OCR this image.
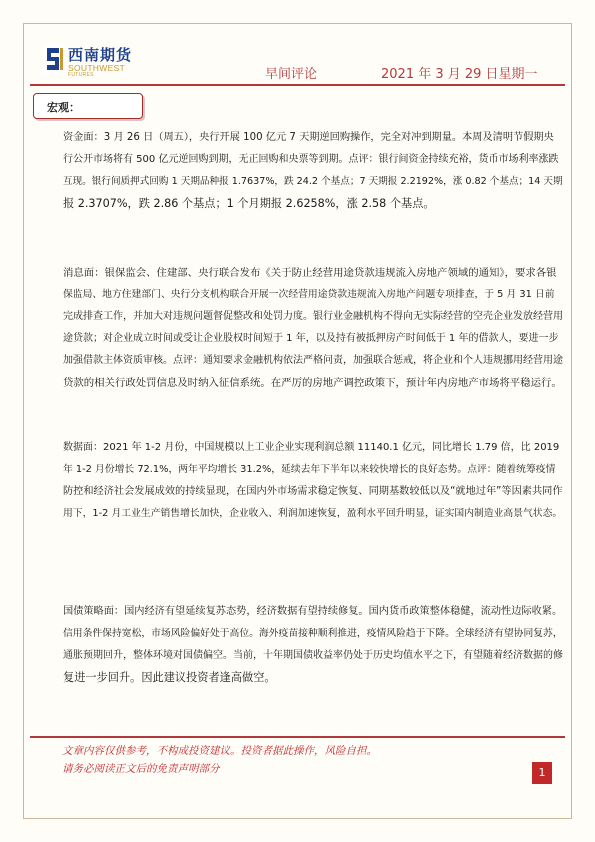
西南期货
SOUTHWEST
FUTURES	早间评论	2021 年 3 月 29 日星期一
宏观：
资金面：3 月 26 日（周五），央行开展 100 亿元 7 天期逆回购操作，完全对冲到期量。本周及清明节假期央
行公开市场将有 500 亿元逆回购到期，无正回购和央票等到期。点评：银行间资金持续充裕，货币市场利率涨跌
互现。银行间质押式回购 1 天期品种报 1.7637%，跌 24.2 个基点；7 天期报 2.2192%，涨 0.82 个基点；14 天期
报 2.3707%，跌 2.86 个基点；1 个月期报 2.6258%，涨 2.58 个基点。
消息面：银保监会、住建部、央行联合发布《关于防止经营用途贷款违规流入房地产领域的通知》，要求各银
保监局、地方住建部门、央行分支机构联合开展一次经营用途贷款违规流入房地产问题专项排查，于 5 月 31 日前
完成排查工作，并加大对违规问题督促整改和处罚力度。银行业金融机构不得向无实际经营的空壳企业发放经营用
途贷款；对企业成立时间或受让企业股权时间短于 1 年，以及持有被抵押房产时间低于 1 年的借款人，要进一步
加强借款主体资质审核。点评：通知要求金融机构依法严格问责，加强联合惩戒，将企业和个人违规挪用经营用途
贷款的相关行政处罚信息及时纳入征信系统。在严厉的房地产调控政策下，预计年内房地产市场将平稳运行。
数据面：2021 年 1-2 月份，中国规模以上工业企业实现利润总额 11140.1 亿元，同比增长 1.79 倍，比 2019
年 1-2 月份增长 72.1%，两年平均增长 31.2%，延续去年下半年以来较快增长的良好态势。点评：随着统筹疫情
防控和经济社会发展成效的持续显现，在国内外市场需求稳定恢复、同期基数较低以及“就地过年”等因素共同作
用下，1-2 月工业生产销售增长加快，企业收入、利润加速恢复，盈利水平回升明显，证实国内制造业高景气状态。
国债策略面：国内经济有望延续复苏态势，经济数据有望持续修复。国内货币政策整体稳健，流动性边际收紧。
信用条件保持宽松，市场风险偏好处于高位。海外疫苗接种顺利推进，疫情风险趋于下降。全球经济有望协同复苏，
通胀预期回升，整体环境对国债偏空。当前，十年期国债收益率仍处于历史均值水平之下，有望随着经济数据的修
复进一步回升。因此建议投资者逢高做空。
文章内容仅供参考，不构成投资建议。投资者据此操作，风险自担。
请务必阅读正文后的免责声明部分	1
